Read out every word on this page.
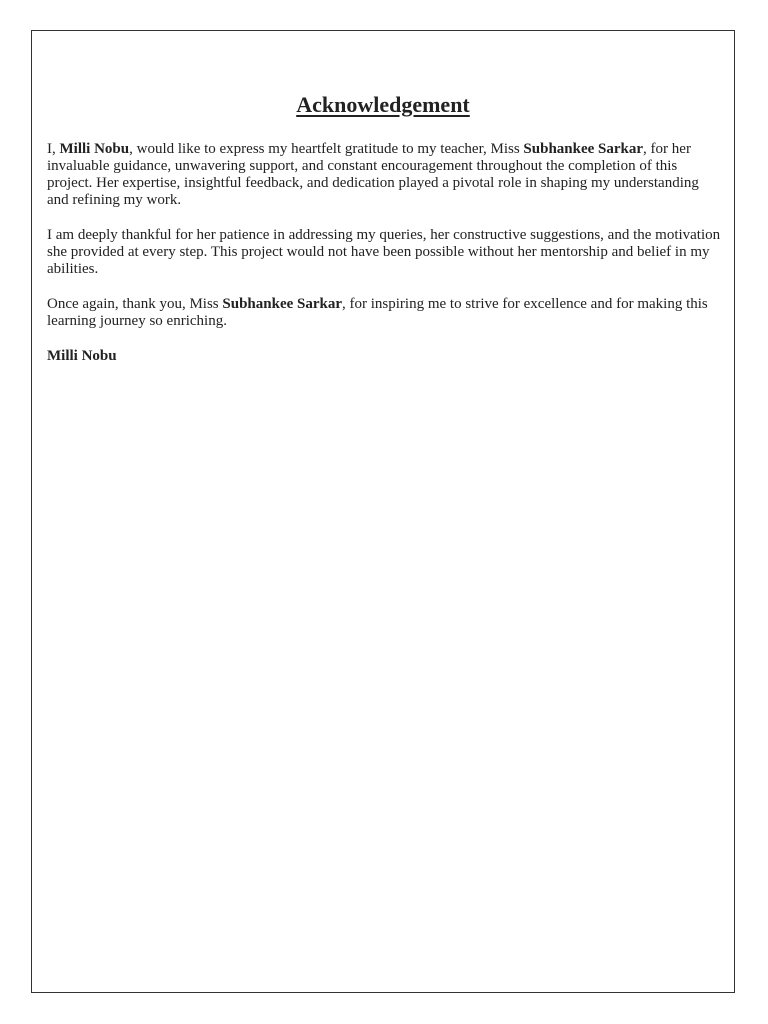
Acknowledgement

I, Milli Nobu, would like to express my heartfelt gratitude to my teacher, Miss Subhankee Sarkar, for her invaluable guidance, unwavering support, and constant encouragement throughout the completion of this project. Her expertise, insightful feedback, and dedication played a pivotal role in shaping my understanding and refining my work.

I am deeply thankful for her patience in addressing my queries, her constructive suggestions, and the motivation she provided at every step. This project would not have been possible without her mentorship and belief in my abilities.

Once again, thank you, Miss Subhankee Sarkar, for inspiring me to strive for excellence and for making this learning journey so enriching.

Milli Nobu
